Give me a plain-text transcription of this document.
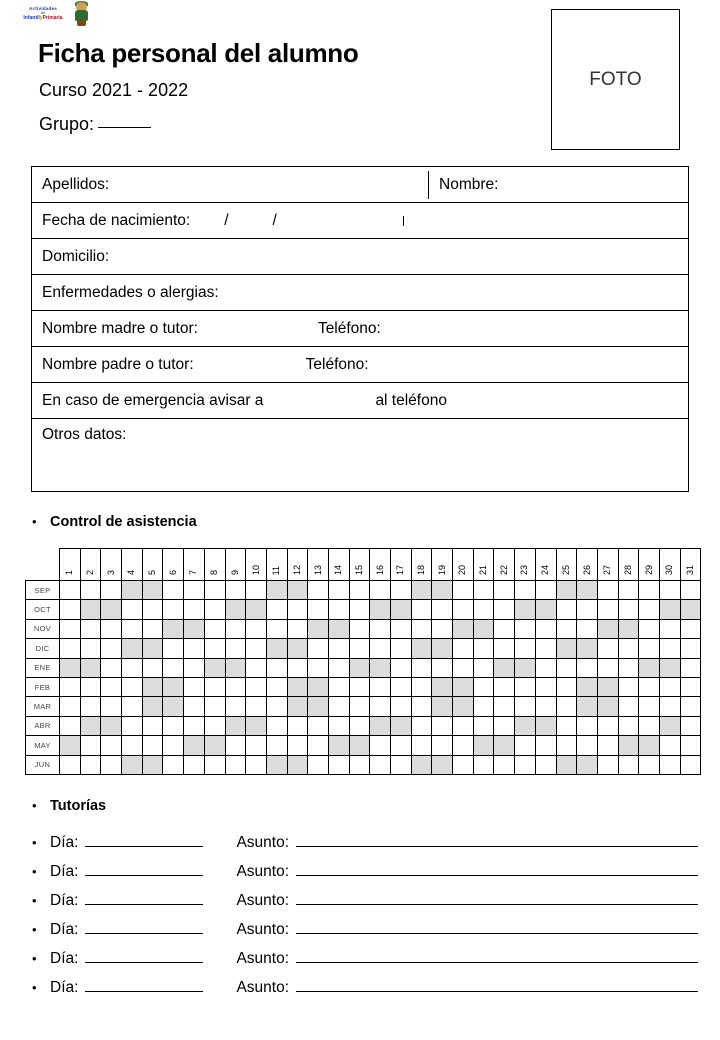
Actividades
de
InfantilyPrimaria
Ficha personal del alumno
Curso 2021 - 2022
Grupo:
FOTO
Apellidos:	Nombre:
Fecha de nacimiento: /	/
Domicilio:
Enfermedades o alergias:
Nombre madre o tutor:	Teléfono:
Nombre padre o tutor:	Teléfono:
En caso de emergencia avisar a	al teléfono
Otros datos:
• Control de asistencia
	1	2	3	4	5	6	7	8	9	10	11	12	13	14	15	16	17	18	19	20	21	22	23	24	25	26	27	28	29	30	31
SEP																															
OCT																															
NOV																															
DIC																															
ENE																															
FEB																															
MAR																															
ABR																															
MAY																															
JUN																															
• Tutorías
• Día:	Asunto:
• Día:	Asunto:
• Día:	Asunto:
• Día:	Asunto:
• Día:	Asunto:
• Día:	Asunto:
